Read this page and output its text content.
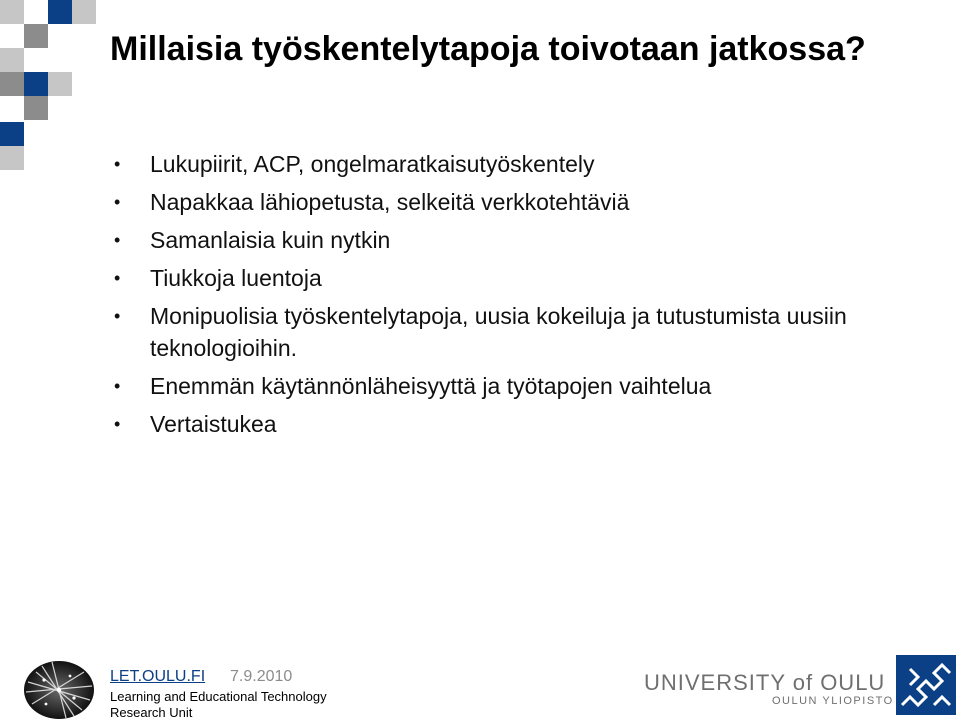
Millaisia työskentelytapoja toivotaan jatkossa?
• Lukupiirit, ACP, ongelmaratkaisutyöskentely
• Napakkaa lähiopetusta, selkeitä verkkotehtäviä
• Samanlaisia kuin nytkin
• Tiukkoja luentoja
• Monipuolisia työskentelytapoja, uusia kokeiluja ja tutustumista uusiin teknologioihin.
• Enemmän käytännönläheisyyttä ja työtapojen vaihtelua
• Vertaistukea
LET.OULU.FI 7.9.2010
Learning and Educational Technology Research Unit
UNIVERSITY of OULU
OULUN YLIOPISTO
